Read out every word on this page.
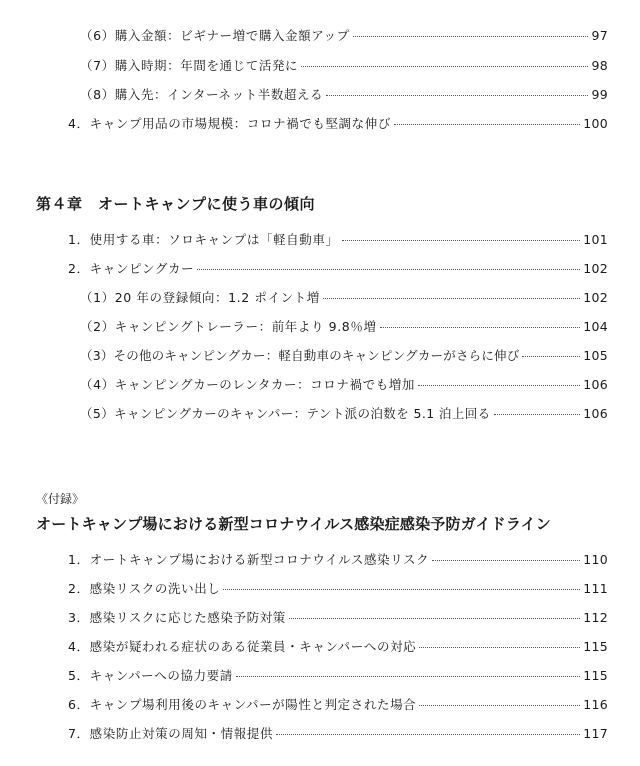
（6）購入金額：ビギナー増で購入金額アップ	97
（7）購入時期：年間を通じて活発に	98
（8）購入先：インターネット半数超える	99
4．キャンプ用品の市場規模：コロナ禍でも堅調な伸び	100
第４章　オートキャンプに使う車の傾向
1．使用する車：ソロキャンプは「軽自動車」	101
2．キャンピングカー	102
（1）20 年の登録傾向：1.2 ポイント増	102
（2）キャンピングトレーラー：前年より 9.8％増	104
（3）その他のキャンピングカー：軽自動車のキャンピングカーがさらに伸び	105
（4）キャンピングカーのレンタカー：コロナ禍でも増加	106
（5）キャンピングカーのキャンパー：テント派の泊数を 5.1 泊上回る	106
《付録》
オートキャンプ場における新型コロナウイルス感染症感染予防ガイドライン
1．オートキャンプ場における新型コロナウイルス感染リスク	110
2．感染リスクの洗い出し	111
3．感染リスクに応じた感染予防対策	112
4．感染が疑われる症状のある従業員・キャンパーへの対応	115
5．キャンパーへの協力要請	115
6．キャンプ場利用後のキャンパーが陽性と判定された場合	116
7．感染防止対策の周知・情報提供	117
